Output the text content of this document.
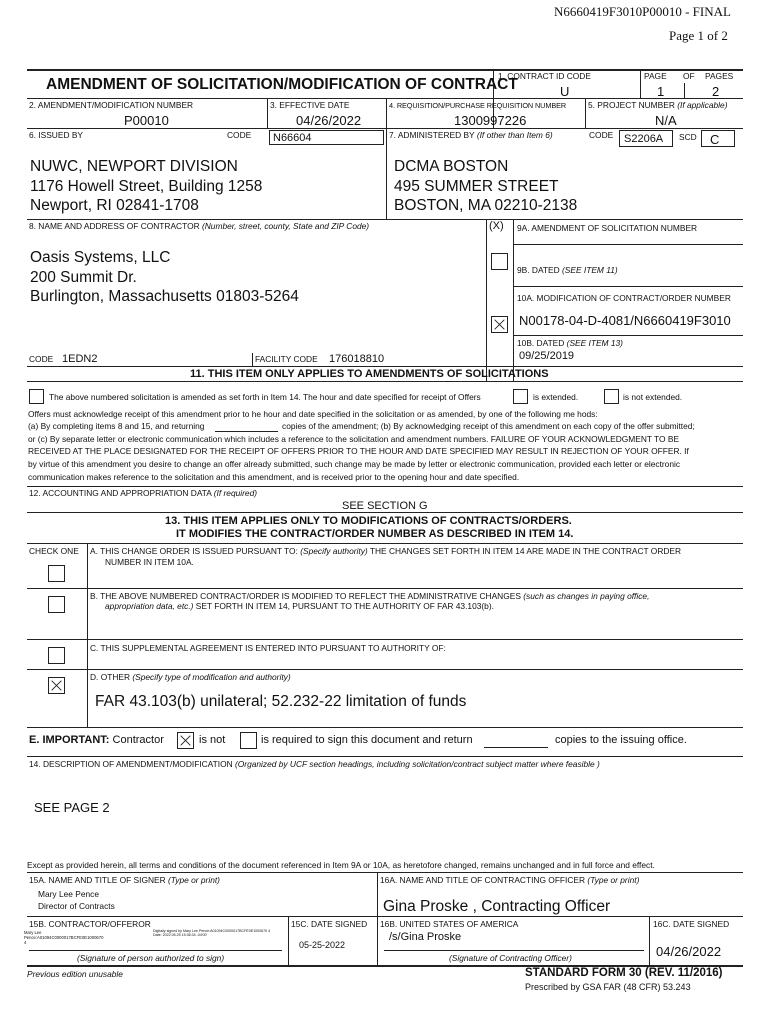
N6660419F3010P00010 - FINAL
Page 1 of 2
AMENDMENT OF SOLICITATION/MODIFICATION OF CONTRACT
1. CONTRACT ID CODE
U
PAGE OF PAGES
1	2
2. AMENDMENT/MODIFICATION NUMBER
P00010
3. EFFECTIVE DATE
04/26/2022
4. REQUISITION/PURCHASE REQUISITION NUMBER
1300997226
5. PROJECT NUMBER (If applicable)
N/A
6. ISSUED BY	CODE N66604
NUWC, NEWPORT DIVISION
1176 Howell Street, Building 1258
Newport, RI 02841-1708
7. ADMINISTERED BY (If other than Item 6)	CODE S2206A SCD C
DCMA BOSTON
495 SUMMER STREET
BOSTON, MA 02210-2138
8. NAME AND ADDRESS OF CONTRACTOR (Number, street, county, State and ZIP Code)
Oasis Systems, LLC
200 Summit Dr.
Burlington, Massachusetts 01803-5264
CODE 1EDN2	FACILITY CODE 176018810
(X) 9A. AMENDMENT OF SOLICITATION NUMBER
9B. DATED (SEE ITEM 11)
10A. MODIFICATION OF CONTRACT/ORDER NUMBER
N00178-04-D-4081/N6660419F3010
10B. DATED (SEE ITEM 13)
09/25/2019
11. THIS ITEM ONLY APPLIES TO AMENDMENTS OF SOLICITATIONS
The above numbered solicitation is amended as set forth in Item 14. The hour and date specified for receipt of Offers	is extended.	is not extended.
Offers must acknowledge receipt of this amendment prior to he hour and date specified in the solicitation or as amended, by one of the following me hods:
(a) By completing items 8 and 15, and returning	copies of the amendment; (b) By acknowledging receipt of this amendment on each copy of the offer submitted;
or (c) By separate letter or electronic communication which includes a reference to the solicitation and amendment numbers. FAILURE OF YOUR ACKNOWLEDGMENT TO BE
RECEIVED AT THE PLACE DESIGNATED FOR THE RECEIPT OF OFFERS PRIOR TO THE HOUR AND DATE SPECIFIED MAY RESULT IN REJECTION OF YOUR OFFER. If
by virtue of this amendment you desire to change an offer already submitted, such change may be made by letter or electronic communication, provided each letter or electronic
communication makes reference to the solicitation and this amendment, and is received prior to the opening hour and date specified.
12. ACCOUNTING AND APPROPRIATION DATA (If required)
SEE SECTION G
13. THIS ITEM APPLIES ONLY TO MODIFICATIONS OF CONTRACTS/ORDERS.
IT MODIFIES THE CONTRACT/ORDER NUMBER AS DESCRIBED IN ITEM 14.
CHECK ONE A. THIS CHANGE ORDER IS ISSUED PURSUANT TO: (Specify authority) THE CHANGES SET FORTH IN ITEM 14 ARE MADE IN THE CONTRACT ORDER
NUMBER IN ITEM 10A.
B. THE ABOVE NUMBERED CONTRACT/ORDER IS MODIFIED TO REFLECT THE ADMINISTRATIVE CHANGES (such as changes in paying office,
appropriation data, etc.) SET FORTH IN ITEM 14, PURSUANT TO THE AUTHORITY OF FAR 43.103(b).
C. THIS SUPPLEMENTAL AGREEMENT IS ENTERED INTO PURSUANT TO AUTHORITY OF:
D. OTHER (Specify type of modification and authority)
FAR 43.103(b) unilateral; 52.232-22 limitation of funds
E. IMPORTANT: Contractor	is not	is required to sign this document and return	copies to the issuing office.
14. DESCRIPTION OF AMENDMENT/MODIFICATION (Organized by UCF section headings, including solicitation/contract subject matter where feasible )
SEE PAGE 2
Except as provided herein, all terms and conditions of the document referenced in Item 9A or 10A, as heretofore changed, remains unchanged and in full force and effect.
15A. NAME AND TITLE OF SIGNER (Type or print)
Mary Lee Pence
Director of Contracts
16A. NAME AND TITLE OF CONTRACTING OFFICER (Type or print)
Gina Proske , Contracting Officer
15B. CONTRACTOR/OFFEROR
Mary Lee Pence:A01094C0000017BCFE0E1000670 4
Digitally signed by Mary Lee Pence:A01094C0000017BCFE0E1000670 4 Date: 2022.05.25 15:36:34 -04'00'
(Signature of person authorized to sign)
15C. DATE SIGNED
05-25-2022
16B. UNITED STATES OF AMERICA
/s/Gina Proske
(Signature of Contracting Officer)
16C. DATE SIGNED
04/26/2022
Previous edition unusable	STANDARD FORM 30 (REV. 11/2016)
Prescribed by GSA FAR (48 CFR) 53.243
